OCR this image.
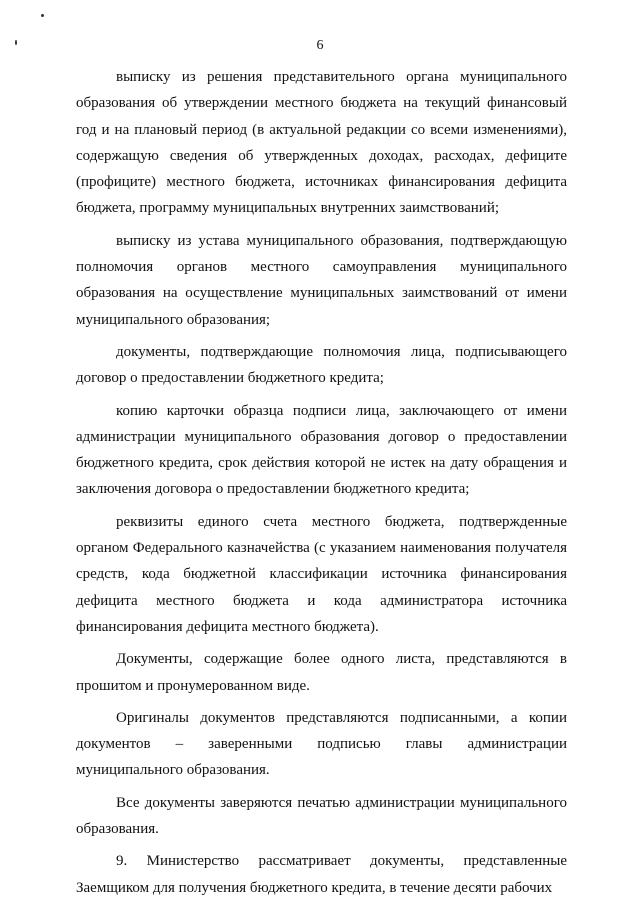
6

выписку из решения представительного органа муниципального образования об утверждении местного бюджета на текущий финансовый год и на плановый период (в актуальной редакции со всеми изменениями), содержащую сведения об утвержденных доходах, расходах, дефиците (профиците) местного бюджета, источниках финансирования дефицита бюджета, программу муниципальных внутренних заимствований;

выписку из устава муниципального образования, подтверждающую полномочия органов местного самоуправления муниципального образования на осуществление муниципальных заимствований от имени муниципального образования;

документы, подтверждающие полномочия лица, подписывающего договор о предоставлении бюджетного кредита;

копию карточки образца подписи лица, заключающего от имени администрации муниципального образования договор о предоставлении бюджетного кредита, срок действия которой не истек на дату обращения и заключения договора о предоставлении бюджетного кредита;

реквизиты единого счета местного бюджета, подтвержденные органом Федерального казначейства (с указанием наименования получателя средств, кода бюджетной классификации источника финансирования дефицита местного бюджета и кода администратора источника финансирования дефицита местного бюджета).

Документы, содержащие более одного листа, представляются в прошитом и пронумерованном виде.

Оригиналы документов представляются подписанными, а копии документов – заверенными подписью главы администрации муниципального образования.

Все документы заверяются печатью администрации муниципального образования.

9. Министерство рассматривает документы, представленные Заемщиком для получения бюджетного кредита, в течение десяти рабочих
